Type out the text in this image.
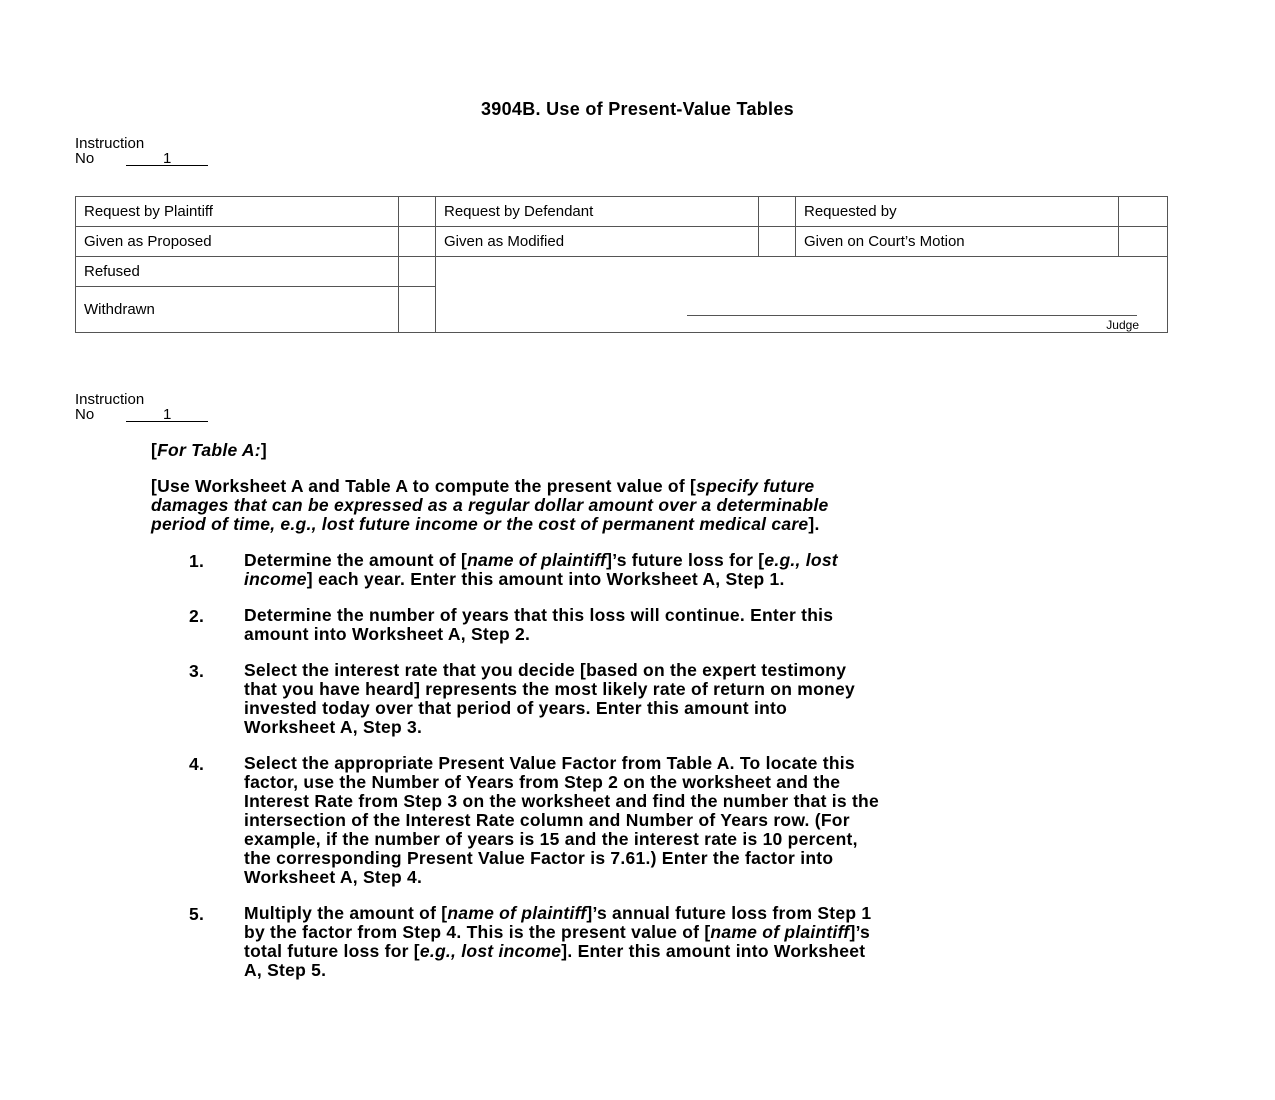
3904B. Use of Present-Value Tables
Instruction
No	1
Request by Plaintiff		Request by Defendant		Requested by	
Given as Proposed		Given as Modified		Given on Court’s Motion	
Refused		Judge			

Withdrawn					
Instruction
No	1
[For Table A:]
[Use Worksheet A and Table A to compute the present value of [specify future
damages that can be expressed as a regular dollar amount over a determinable
period of time, e.g., lost future income or the cost of permanent medical care].
1. Determine the amount of [name of plaintiff]’s future loss for [e.g., lost
income] each year. Enter this amount into Worksheet A, Step 1.
2. Determine the number of years that this loss will continue. Enter this
amount into Worksheet A, Step 2.
3. Select the interest rate that you decide [based on the expert testimony
that you have heard] represents the most likely rate of return on money
invested today over that period of years. Enter this amount into
Worksheet A, Step 3.
4. Select the appropriate Present Value Factor from Table A. To locate this
factor, use the Number of Years from Step 2 on the worksheet and the
Interest Rate from Step 3 on the worksheet and find the number that is the
intersection of the Interest Rate column and Number of Years row. (For
example, if the number of years is 15 and the interest rate is 10 percent,
the corresponding Present Value Factor is 7.61.) Enter the factor into
Worksheet A, Step 4.
5. Multiply the amount of [name of plaintiff]’s annual future loss from Step 1
by the factor from Step 4. This is the present value of [name of plaintiff]’s
total future loss for [e.g., lost income]. Enter this amount into Worksheet
A, Step 5.
